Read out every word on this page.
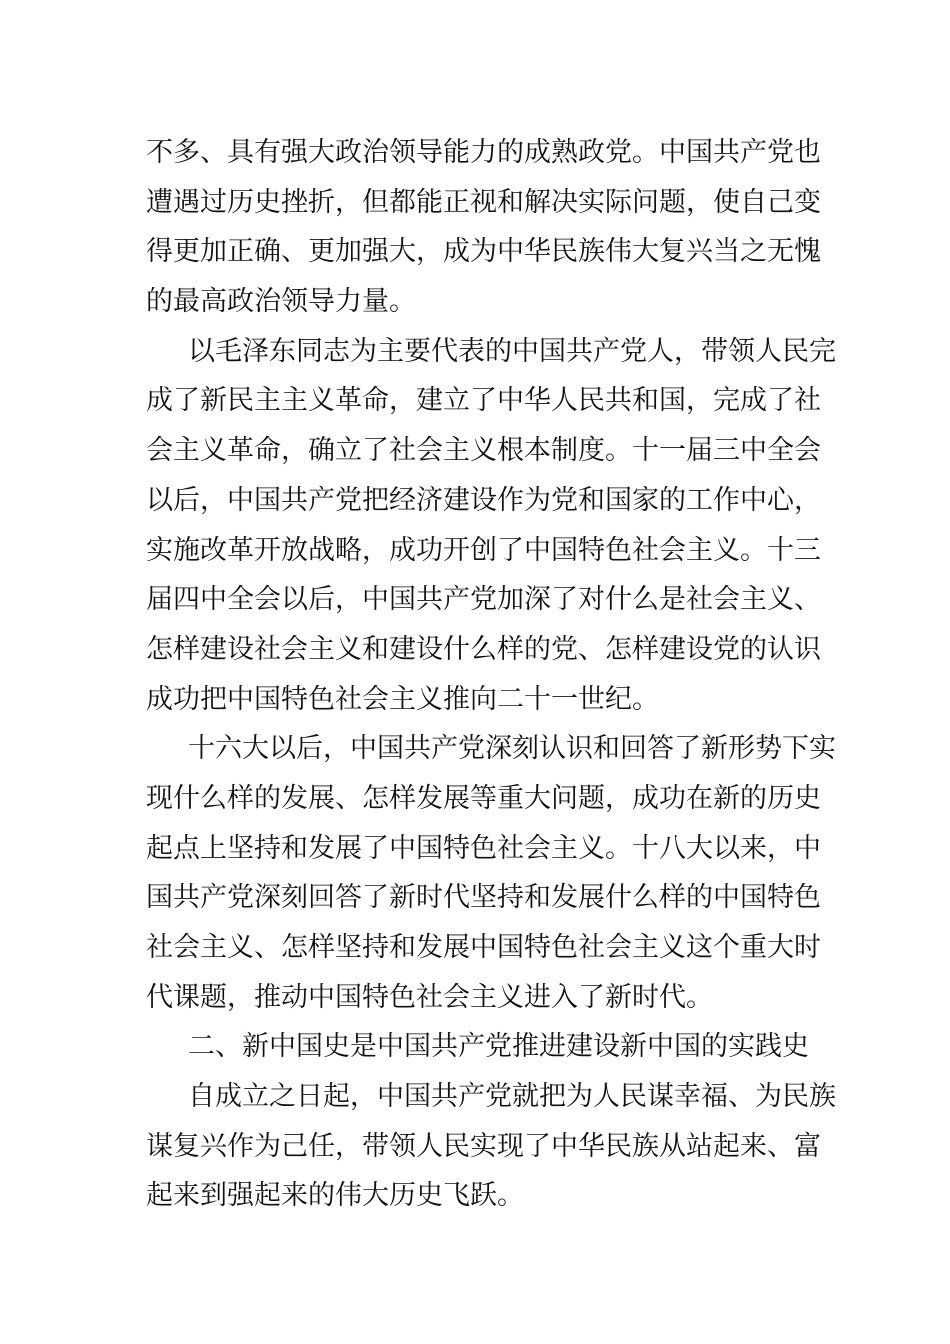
不多、具有强大政治领导能力的成熟政党。中国共产党也
遭遇过历史挫折，但都能正视和解决实际问题，使自己变
得更加正确、更加强大，成为中华民族伟大复兴当之无愧
的最高政治领导力量。
以毛泽东同志为主要代表的中国共产党人，带领人民完
成了新民主主义革命，建立了中华人民共和国，完成了社
会主义革命，确立了社会主义根本制度。十一届三中全会
以后，中国共产党把经济建设作为党和国家的工作中心，
实施改革开放战略，成功开创了中国特色社会主义。十三
届四中全会以后，中国共产党加深了对什么是社会主义、
怎样建设社会主义和建设什么样的党、怎样建设党的认识
成功把中国特色社会主义推向二十一世纪。
十六大以后，中国共产党深刻认识和回答了新形势下实
现什么样的发展、怎样发展等重大问题，成功在新的历史
起点上坚持和发展了中国特色社会主义。十八大以来，中
国共产党深刻回答了新时代坚持和发展什么样的中国特色
社会主义、怎样坚持和发展中国特色社会主义这个重大时
代课题，推动中国特色社会主义进入了新时代。
二、新中国史是中国共产党推进建设新中国的实践史
自成立之日起，中国共产党就把为人民谋幸福、为民族
谋复兴作为己任，带领人民实现了中华民族从站起来、富
起来到强起来的伟大历史飞跃。
